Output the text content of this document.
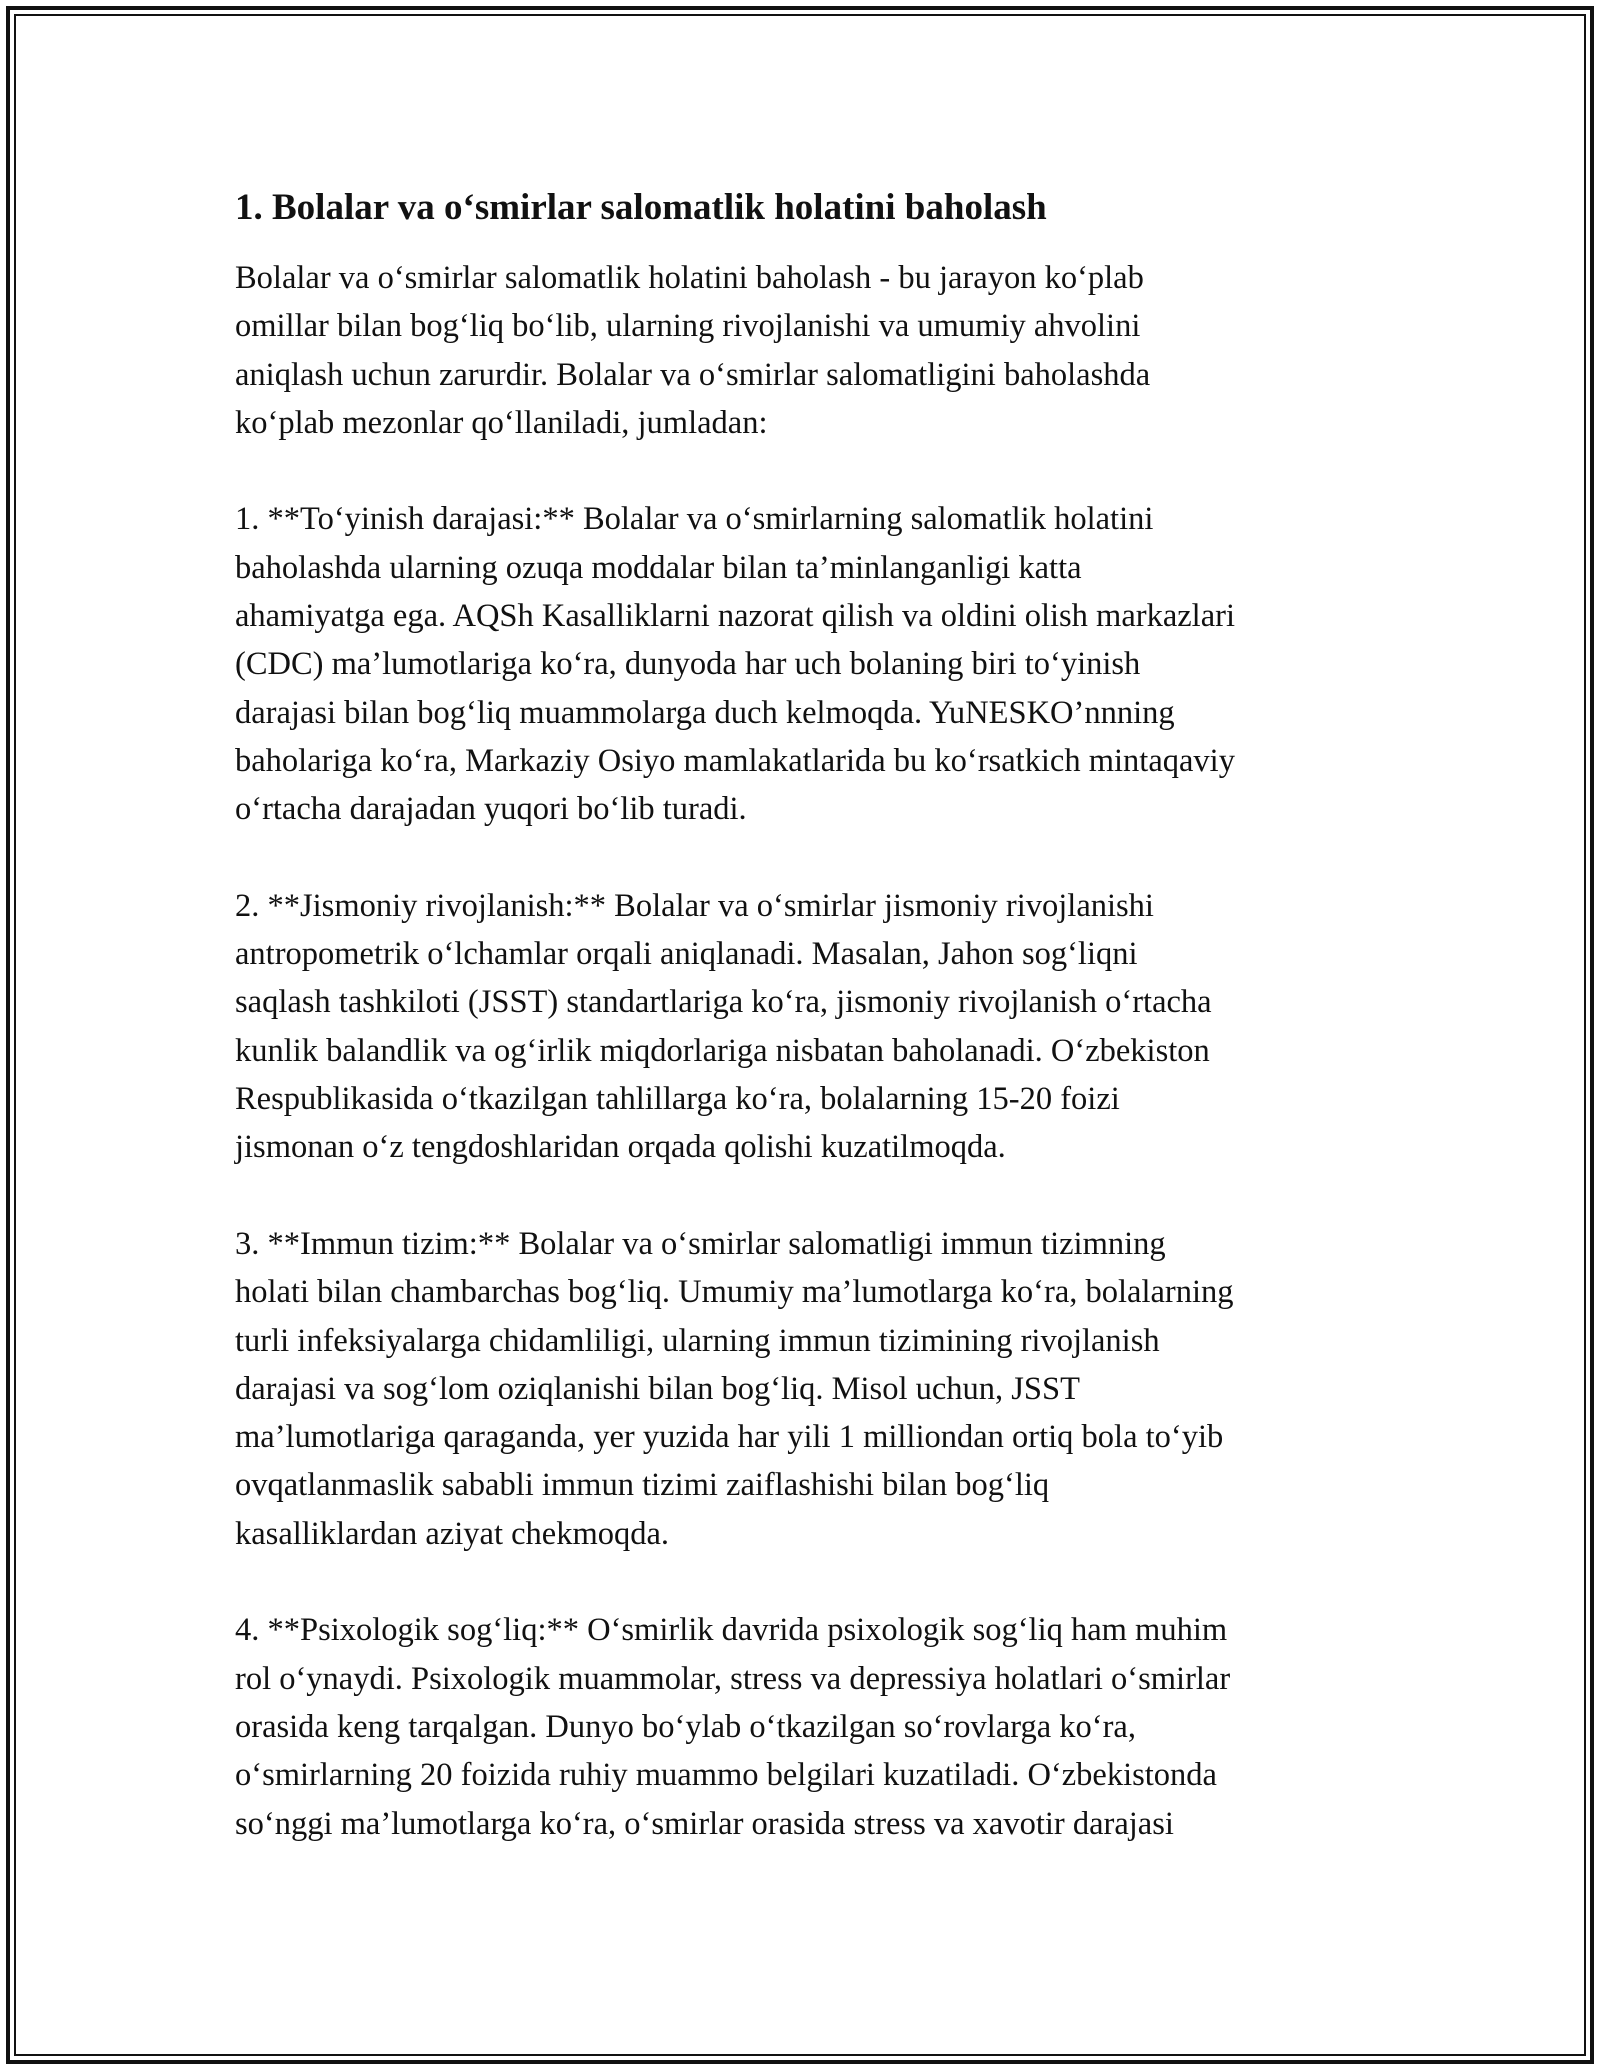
1. Bolalar va o‘smirlar salomatlik holatini baholash

Bolalar va o‘smirlar salomatlik holatini baholash - bu jarayon ko‘plab
omillar bilan bog‘liq bo‘lib, ularning rivojlanishi va umumiy ahvolini
aniqlash uchun zarurdir. Bolalar va o‘smirlar salomatligini baholashda
ko‘plab mezonlar qo‘llaniladi, jumladan:

1. **To‘yinish darajasi:** Bolalar va o‘smirlarning salomatlik holatini
baholashda ularning ozuqa moddalar bilan ta’minlanganligi katta
ahamiyatga ega. AQSh Kasalliklarni nazorat qilish va oldini olish markazlari
(CDC) ma’lumotlariga ko‘ra, dunyoda har uch bolaning biri to‘yinish
darajasi bilan bog‘liq muammolarga duch kelmoqda. YuNESKO’nnning
baholariga ko‘ra, Markaziy Osiyo mamlakatlarida bu ko‘rsatkich mintaqaviy
o‘rtacha darajadan yuqori bo‘lib turadi.

2. **Jismoniy rivojlanish:** Bolalar va o‘smirlar jismoniy rivojlanishi
antropometrik o‘lchamlar orqali aniqlanadi. Masalan, Jahon sog‘liqni
saqlash tashkiloti (JSST) standartlariga ko‘ra, jismoniy rivojlanish o‘rtacha
kunlik balandlik va og‘irlik miqdorlariga nisbatan baholanadi. O‘zbekiston
Respublikasida o‘tkazilgan tahlillarga ko‘ra, bolalarning 15-20 foizi
jismonan o‘z tengdoshlaridan orqada qolishi kuzatilmoqda.

3. **Immun tizim:** Bolalar va o‘smirlar salomatligi immun tizimning
holati bilan chambarchas bog‘liq. Umumiy ma’lumotlarga ko‘ra, bolalarning
turli infeksiyalarga chidamliligi, ularning immun tizimining rivojlanish
darajasi va sog‘lom oziqlanishi bilan bog‘liq. Misol uchun, JSST
ma’lumotlariga qaraganda, yer yuzida har yili 1 milliondan ortiq bola to‘yib
ovqatlanmaslik sababli immun tizimi zaiflashishi bilan bog‘liq
kasalliklardan aziyat chekmoqda.

4. **Psixologik sog‘liq:** O‘smirlik davrida psixologik sog‘liq ham muhim
rol o‘ynaydi. Psixologik muammolar, stress va depressiya holatlari o‘smirlar
orasida keng tarqalgan. Dunyo bo‘ylab o‘tkazilgan so‘rovlarga ko‘ra,
o‘smirlarning 20 foizida ruhiy muammo belgilari kuzatiladi. O‘zbekistonda
so‘nggi ma’lumotlarga ko‘ra, o‘smirlar orasida stress va xavotir darajasi
